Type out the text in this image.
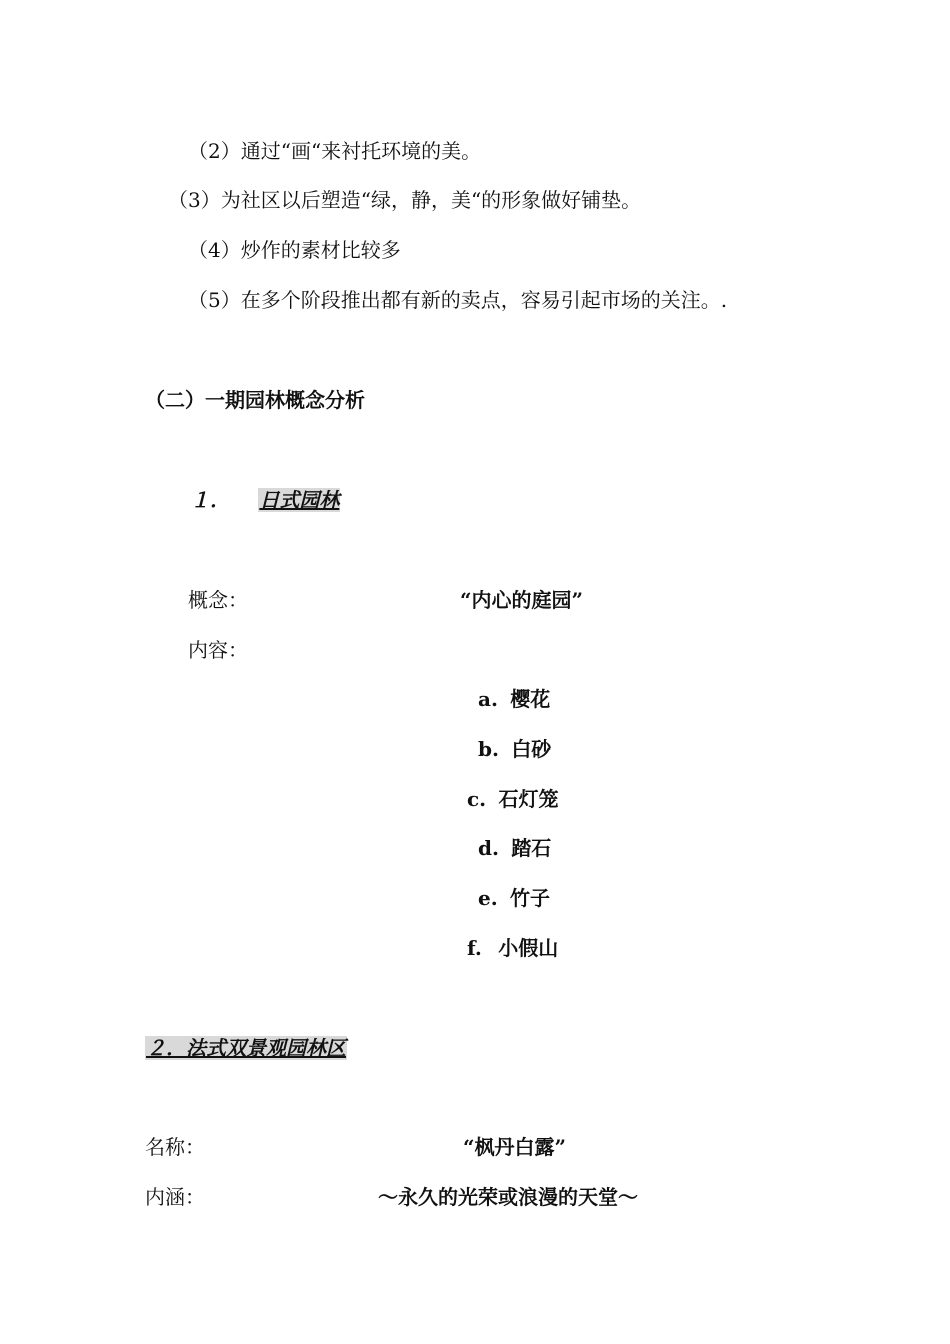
（2）通过“画“来衬托环境的美。
（3）为社区以后塑造“绿，静，美“的形象做好铺垫。
（4）炒作的素材比较多
（5）在多个阶段推出都有新的卖点，容易引起市场的关注。.
（二）一期园林概念分析
１． 日式园林
概念：	“内心的庭园”
内容：
a. 樱花
b. 白砂
c. 石灯笼
d. 踏石
e. 竹子
f. 小假山
２．法式双景观园林区
名称：	“枫丹白露”
内涵：	～永久的光荣或浪漫的天堂～
